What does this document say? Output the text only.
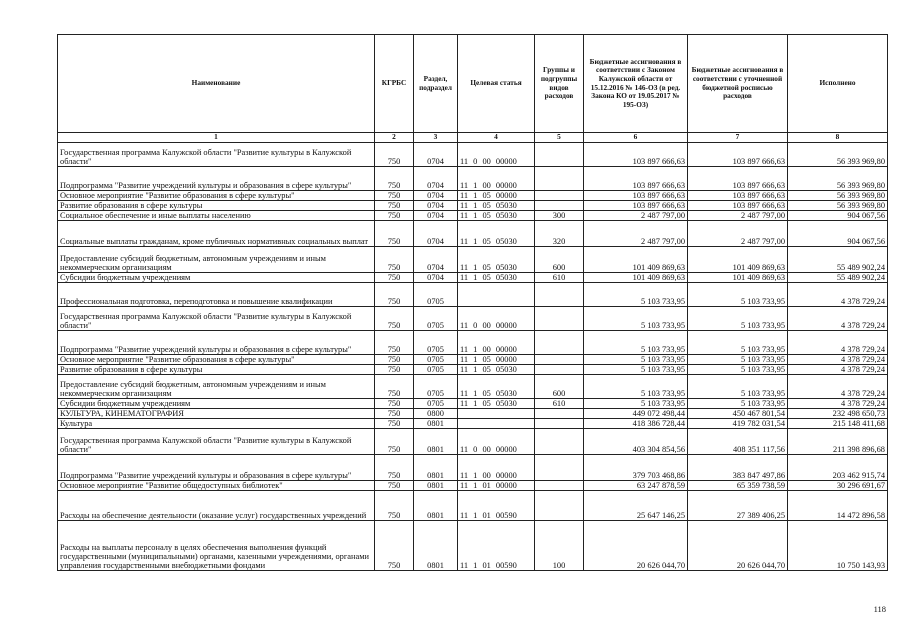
Наименование	КГРБС	Раздел, подраздел	Целевая статья	Группы и подгруппы видов расходов	Бюджетные ассигнования в соответствии с Законом Калужской области от 15.12.2016 № 146-ОЗ (в ред. Закона КО от 19.05.2017 № 195-ОЗ)	Бюджетные ассигнования в соответствии с уточненной бюджетной росписью расходов	Исполнено
1	2	3	4	5	6	7	8
Государственная программа Калужской области "Развитие культуры в Калужской области"	750	0704	11 0 00 00000		103 897 666,63	103 897 666,63	56 393 969,80
Подпрограмма "Развитие учреждений культуры и образования в сфере культуры"	750	0704	11 1 00 00000		103 897 666,63	103 897 666,63	56 393 969,80
Основное мероприятие "Развитие образования в сфере культуры"	750	0704	11 1 05 00000		103 897 666,63	103 897 666,63	56 393 969,80
Развитие образования в сфере культуры	750	0704	11 1 05 05030		103 897 666,63	103 897 666,63	56 393 969,80
Социальное обеспечение и иные выплаты населению	750	0704	11 1 05 05030	300	2 487 797,00	2 487 797,00	904 067,56
Социальные выплаты гражданам, кроме публичных нормативных социальных выплат	750	0704	11 1 05 05030	320	2 487 797,00	2 487 797,00	904 067,56
Предоставление субсидий бюджетным, автономным учреждениям и иным некоммерческим организациям	750	0704	11 1 05 05030	600	101 409 869,63	101 409 869,63	55 489 902,24
Субсидии бюджетным учреждениям	750	0704	11 1 05 05030	610	101 409 869,63	101 409 869,63	55 489 902,24
Профессиональная подготовка, переподготовка и повышение квалификации	750	0705			5 103 733,95	5 103 733,95	4 378 729,24
Государственная программа Калужской области "Развитие культуры в Калужской области"	750	0705	11 0 00 00000		5 103 733,95	5 103 733,95	4 378 729,24
Подпрограмма "Развитие учреждений культуры и образования в сфере культуры"	750	0705	11 1 00 00000		5 103 733,95	5 103 733,95	4 378 729,24
Основное мероприятие "Развитие образования в сфере культуры"	750	0705	11 1 05 00000		5 103 733,95	5 103 733,95	4 378 729,24
Развитие образования в сфере культуры	750	0705	11 1 05 05030		5 103 733,95	5 103 733,95	4 378 729,24
Предоставление субсидий бюджетным, автономным учреждениям и иным некоммерческим организациям	750	0705	11 1 05 05030	600	5 103 733,95	5 103 733,95	4 378 729,24
Субсидии бюджетным учреждениям	750	0705	11 1 05 05030	610	5 103 733,95	5 103 733,95	4 378 729,24
КУЛЬТУРА, КИНЕМАТОГРАФИЯ	750	0800			449 072 498,44	450 467 801,54	232 498 650,73
Культура	750	0801			418 386 728,44	419 782 031,54	215 148 411,68
Государственная программа Калужской области "Развитие культуры в Калужской области"	750	0801	11 0 00 00000		403 304 854,56	408 351 117,56	211 398 896,68
Подпрограмма "Развитие учреждений культуры и образования в сфере культуры"	750	0801	11 1 00 00000		379 703 468,86	383 847 497,86	203 462 915,74
Основное мероприятие "Развитие общедоступных библиотек"	750	0801	11 1 01 00000		63 247 878,59	65 359 738,59	30 296 691,67
Расходы на обеспечение деятельности (оказание услуг) государственных учреждений	750	0801	11 1 01 00590		25 647 146,25	27 389 406,25	14 472 896,58
Расходы на выплаты персоналу в целях обеспечения выполнения функций государственными (муниципальными) органами, казенными учреждениями, органами управления государственными внебюджетными фондами	750	0801	11 1 01 00590	100	20 626 044,70	20 626 044,70	10 750 143,93
118
